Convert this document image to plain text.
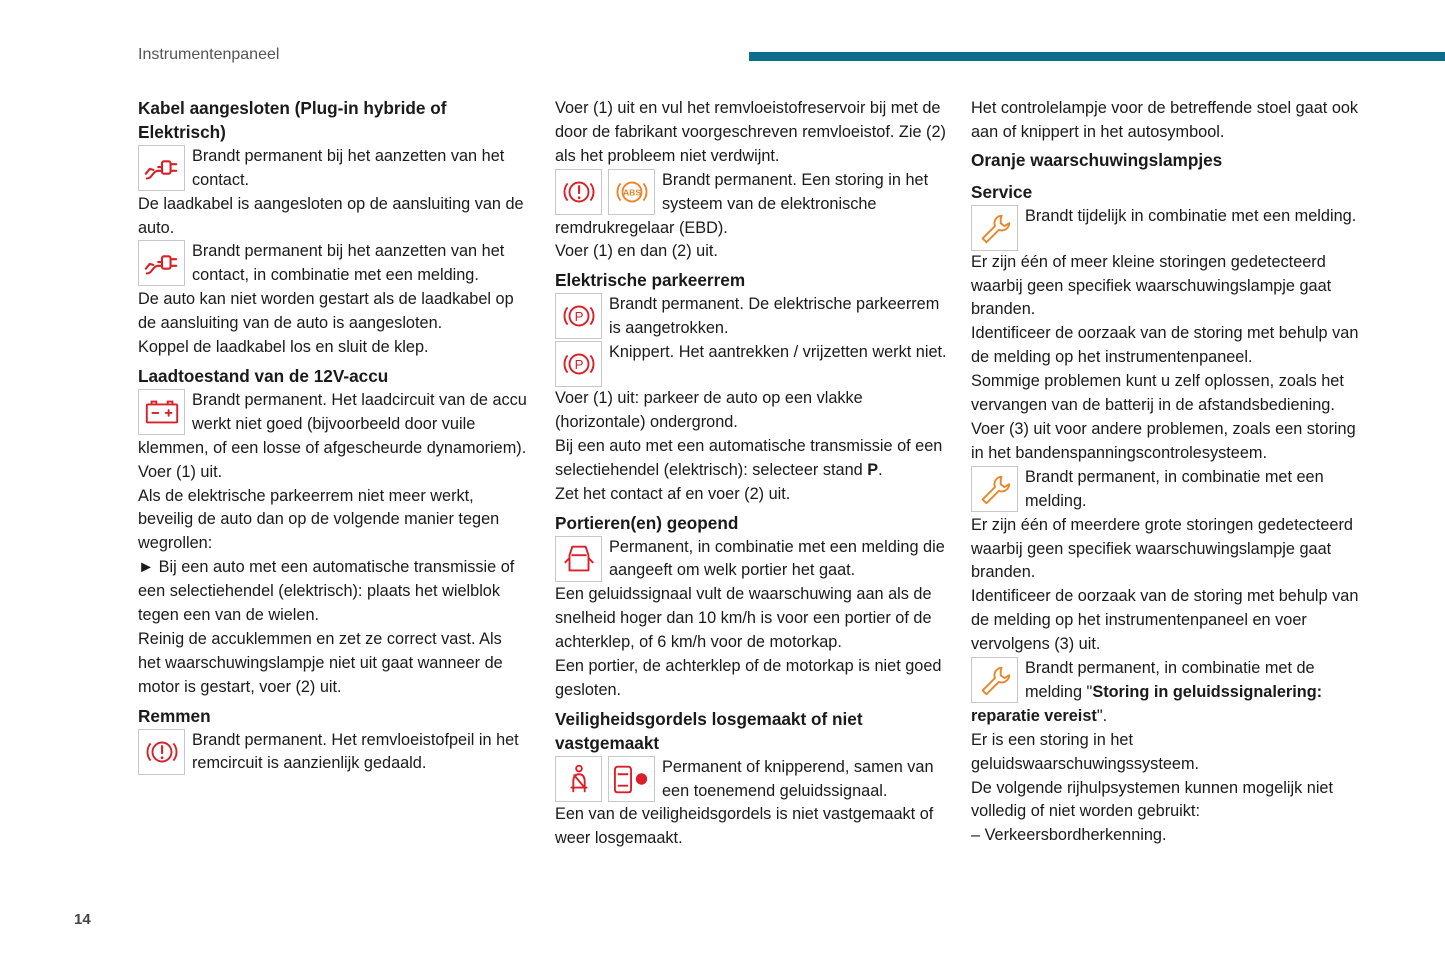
Instrumentenpaneel
Kabel aangesloten (Plug-in hybride of Elektrisch)

Brandt permanent bij het aanzetten van het contact.

De laadkabel is aangesloten op de aansluiting van de auto.

Brandt permanent bij het aanzetten van het contact, in combinatie met een melding.

De auto kan niet worden gestart als de laadkabel op de aansluiting van de auto is aangesloten.

Koppel de laadkabel los en sluit de klep.

Laadtoestand van de 12V-accu

Brandt permanent. Het laadcircuit van de accu werkt niet goed (bijvoorbeeld door vuile klemmen, of een losse of afgescheurde dynamoriem).

Voer (1) uit.

Als de elektrische parkeerrem niet meer werkt, beveilig de auto dan op de volgende manier tegen wegrollen:

► Bij een auto met een automatische transmissie of een selectiehendel (elektrisch): plaats het wielblok tegen een van de wielen.

Reinig de accuklemmen en zet ze correct vast. Als het waarschuwingslampje niet uit gaat wanneer de motor is gestart, voer (2) uit.

Remmen

Brandt permanent. Het remvloeistofpeil in het remcircuit is aanzienlijk gedaald.

Voer (1) uit en vul het remvloeistofreservoir bij met de door de fabrikant voorgeschreven remvloeistof. Zie (2) als het probleem niet verdwijnt.

ABS

Brandt permanent. Een storing in het systeem van de elektronische remdrukregelaar (EBD).

Voer (1) en dan (2) uit.

Elektrische parkeerrem
P

Brandt permanent. De elektrische parkeerrem is aangetrokken.

P

Knippert. Het aantrekken / vrijzetten werkt niet.

Voer (1) uit: parkeer de auto op een vlakke (horizontale) ondergrond.

Bij een auto met een automatische transmissie of een selectiehendel (elektrisch): selecteer stand P.

Zet het contact af en voer (2) uit.

Portieren(en) geopend

Permanent, in combinatie met een melding die aangeeft om welk portier het gaat.

Een geluidssignaal vult de waarschuwing aan als de snelheid hoger dan 10 km/h is voor een portier of de achterklep, of 6 km/h voor de motorkap.

Een portier, de achterklep of de motorkap is niet goed gesloten.

Veiligheidsgordels losgemaakt of niet vastgemaakt

Permanent of knipperend, samen van een toenemend geluidssignaal.

Een van de veiligheidsgordels is niet vastgemaakt of weer losgemaakt.

Het controlelampje voor de betreffende stoel gaat ook aan of knippert in het autosymbool.

Oranje waarschuwingslampjes
Service

Brandt tijdelijk in combinatie met een melding.

Er zijn één of meer kleine storingen gedetecteerd waarbij geen specifiek waarschuwingslampje gaat branden.

Identificeer de oorzaak van de storing met behulp van de melding op het instrumentenpaneel.

Sommige problemen kunt u zelf oplossen, zoals het vervangen van de batterij in de afstandsbediening.

Voer (3) uit voor andere problemen, zoals een storing in het bandenspanningscontrolesysteem.

Brandt permanent, in combinatie met een melding.

Er zijn één of meerdere grote storingen gedetecteerd waarbij geen specifiek waarschuwingslampje gaat branden.

Identificeer de oorzaak van de storing met behulp van de melding op het instrumentenpaneel en voer vervolgens (3) uit.

Brandt permanent, in combinatie met de melding "Storing in geluidssignalering: reparatie vereist".

Er is een storing in het geluidswaarschuwingssysteem.

De volgende rijhulpsystemen kunnen mogelijk niet volledig of niet worden gebruikt:

– Verkeersbordherkenning.

14
